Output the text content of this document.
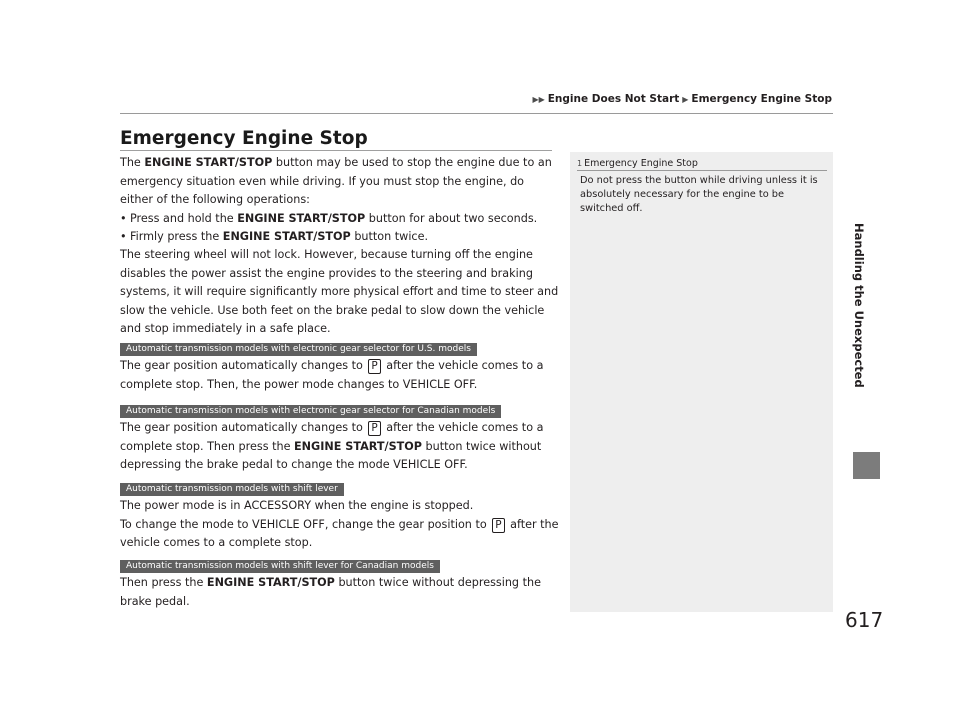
▶▶ Engine Does Not Start ▶ Emergency Engine Stop
Handling the Unexpected
Emergency Engine Stop

The ENGINE START/STOP button may be used to stop the engine due to an emergency situation even while driving. If you must stop the engine, do either of the following operations:

• Press and hold the ENGINE START/STOP button for about two seconds.
• Firmly press the ENGINE START/STOP button twice.
The steering wheel will not lock. However, because turning off the engine disables the power assist the engine provides to the steering and braking systems, it will require significantly more physical effort and time to steer and slow the vehicle. Use both feet on the brake pedal to slow down the vehicle and stop immediately in a safe place.
Automatic transmission models with electronic gear selector for U.S. models
The gear position automatically changes to P after the vehicle comes to a complete stop. Then, the power mode changes to VEHICLE OFF.
Automatic transmission models with electronic gear selector for Canadian models
The gear position automatically changes to P after the vehicle comes to a complete stop. Then press the ENGINE START/STOP button twice without depressing the brake pedal to change the mode VEHICLE OFF.
Automatic transmission models with shift lever

The power mode is in ACCESSORY when the engine is stopped.

To change the mode to VEHICLE OFF, change the gear position to P after the vehicle comes to a complete stop.

Automatic transmission models with shift lever for Canadian models
Then press the ENGINE START/STOP button twice without depressing the brake pedal.
1 Emergency Engine Stop
Do not press the button while driving unless it is absolutely necessary for the engine to be switched off.
617
